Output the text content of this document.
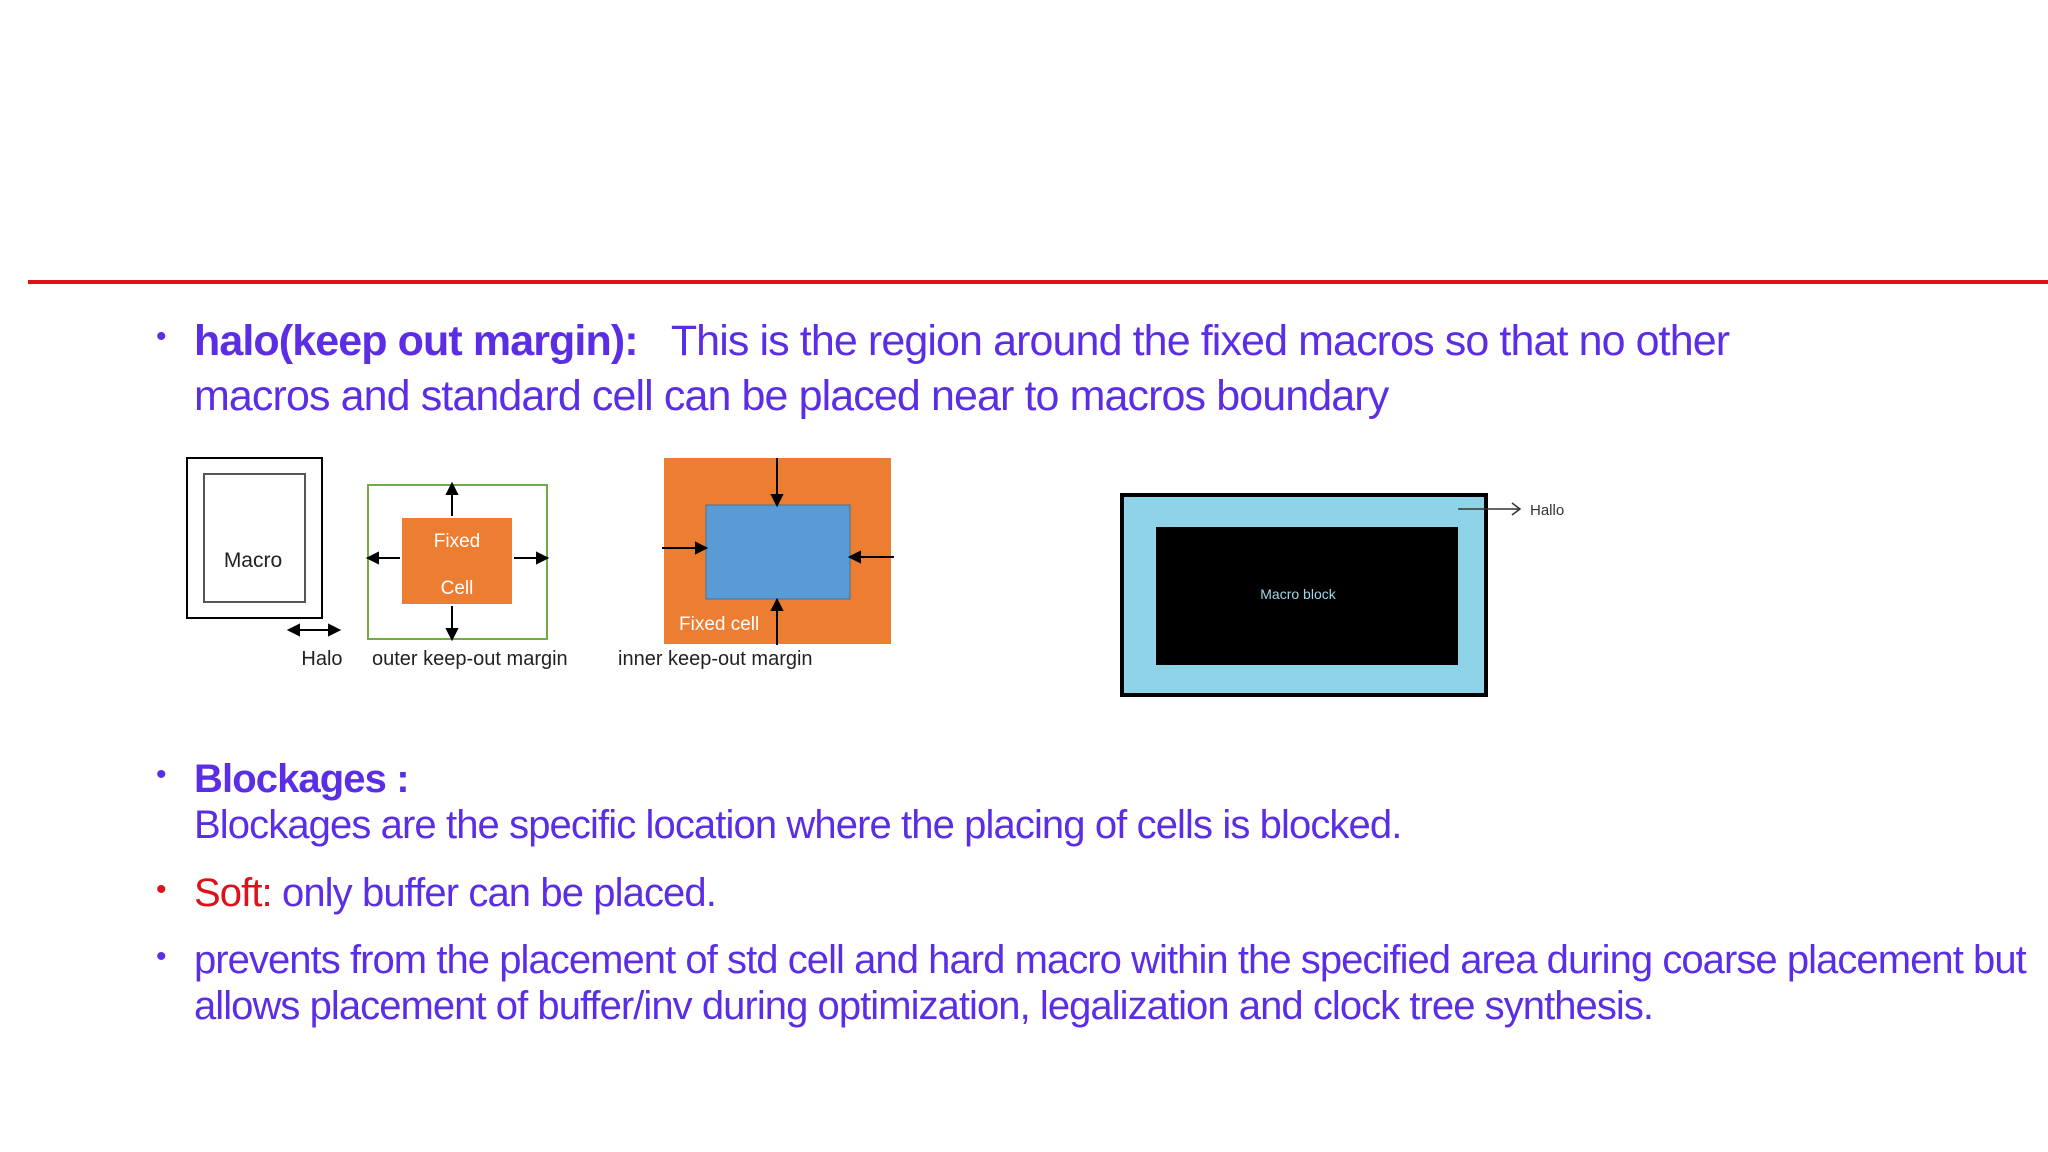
• halo(keep out margin): This is the region around the fixed macros so that no other
macros and standard cell can be placed near to macros boundary
Macro
Halo
Fixed
Cell
outer keep-out margin
Fixed cell
inner keep-out margin
Macro block
Hallo
• Blockages :
Blockages are the specific location where the placing of cells is blocked.
• Soft: only buffer can be placed.
• prevents from the placement of std cell and hard macro within the specified area during coarse placement but
allows placement of buffer/inv during optimization, legalization and clock tree synthesis.
